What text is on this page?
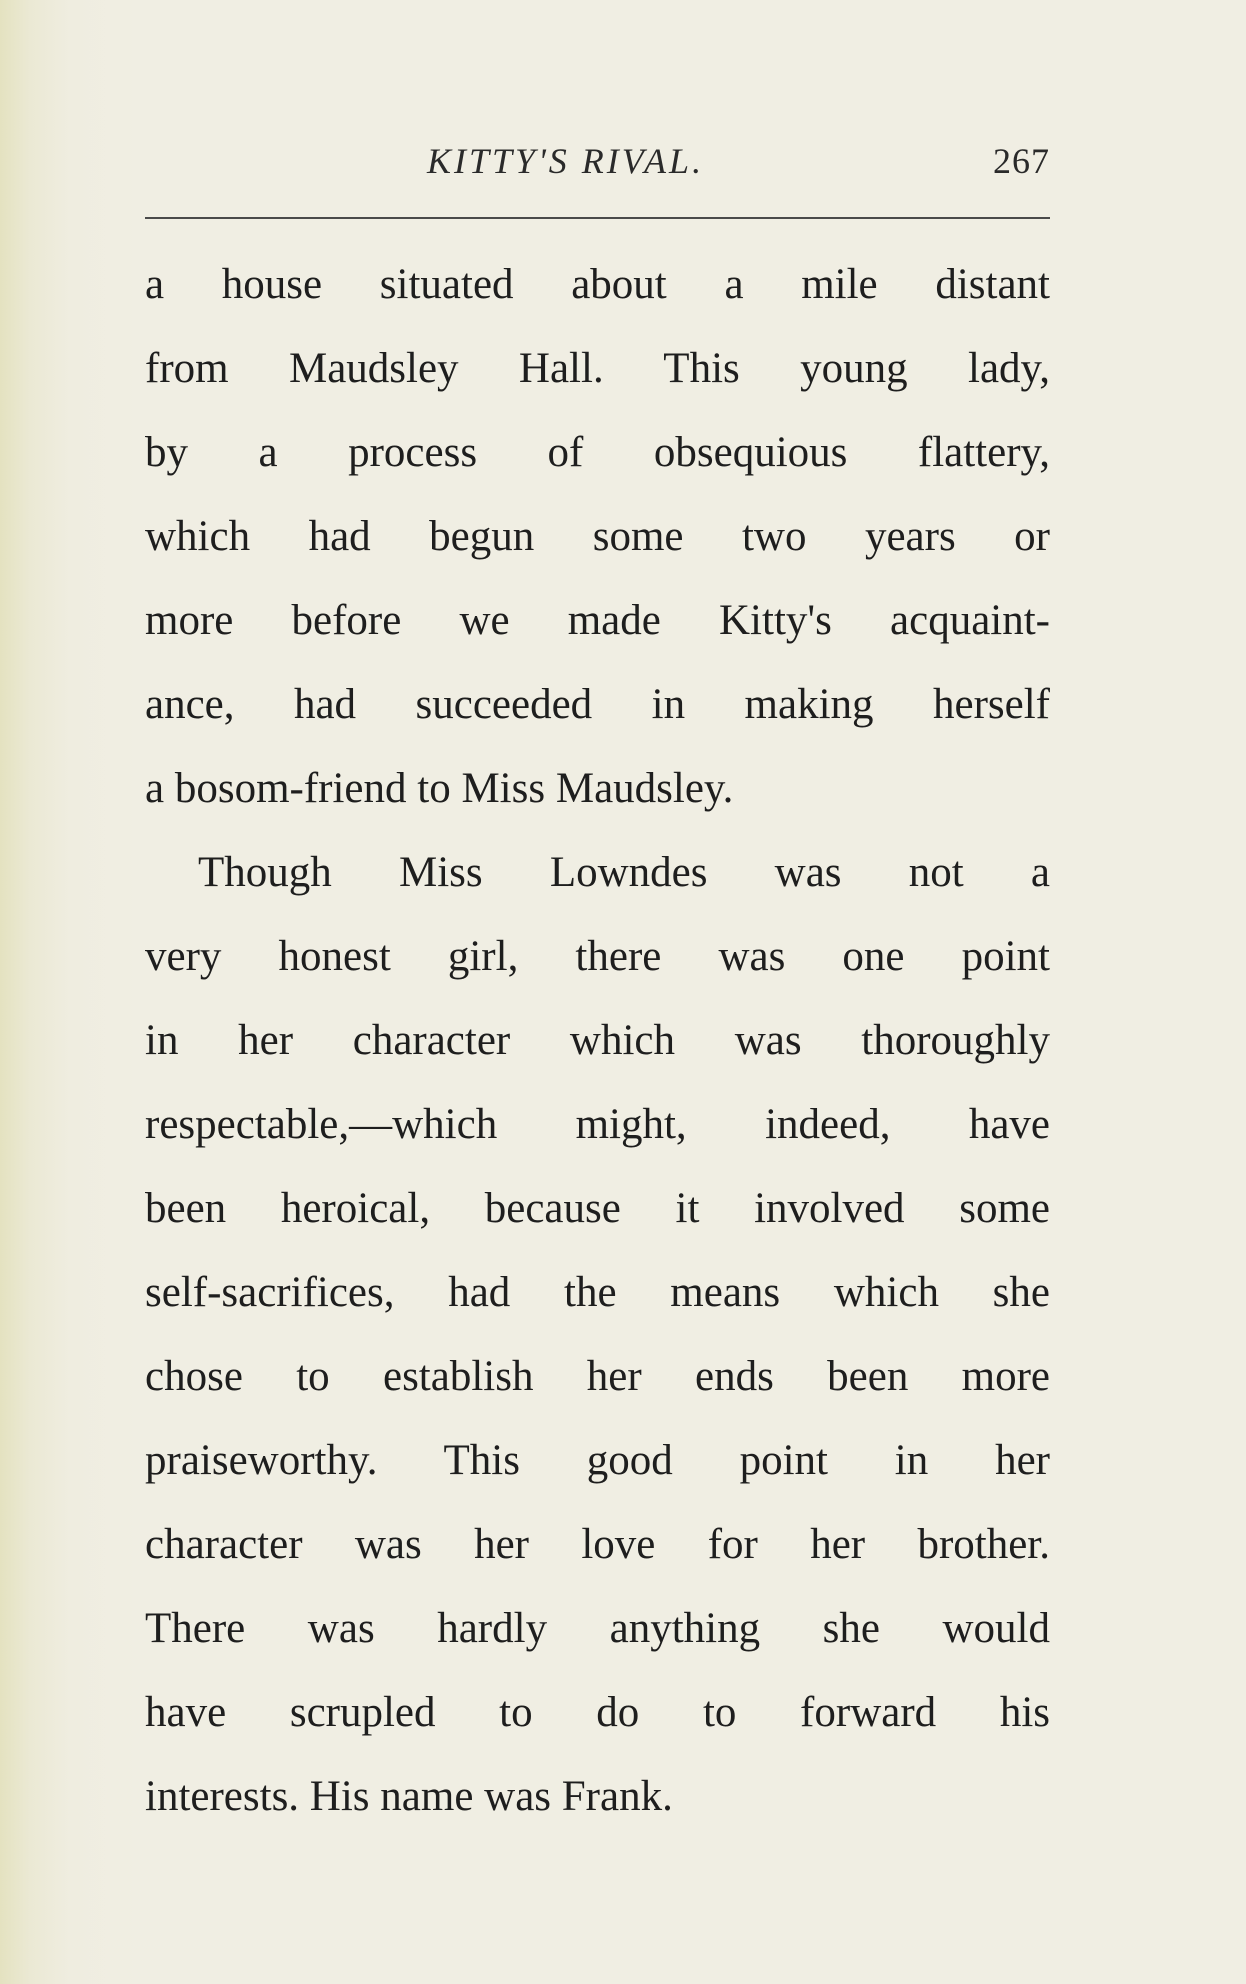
KITTY'S RIVAL.	267
a house situated about a mile distant
from Maudsley Hall. This young lady,
by a process of obsequious flattery,
which had begun some two years or
more before we made Kitty's acquaint-
ance, had succeeded in making herself
a bosom-friend to Miss Maudsley.
Though Miss Lowndes was not a
very honest girl, there was one point
in her character which was thoroughly
respectable,—which might, indeed, have
been heroical, because it involved some
self-sacrifices, had the means which she
chose to establish her ends been more
praiseworthy. This good point in her
character was her love for her brother.
There was hardly anything she would
have scrupled to do to forward his
interests. His name was Frank.
